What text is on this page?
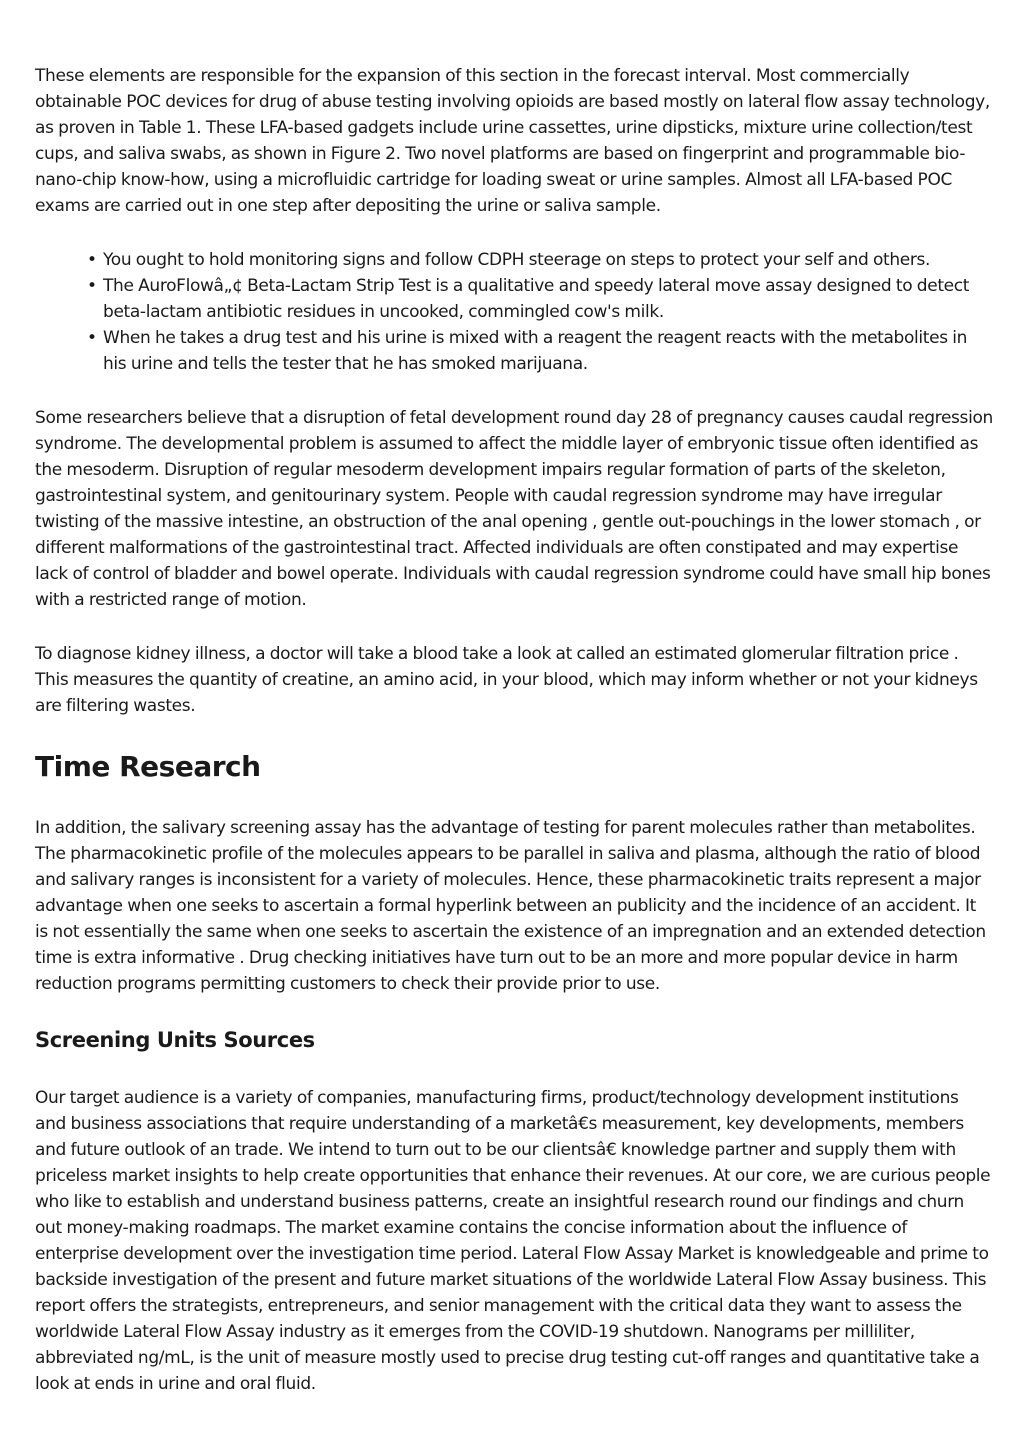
These elements are responsible for the expansion of this section in the forecast interval. Most commercially obtainable POC devices for drug of abuse testing involving opioids are based mostly on lateral flow assay technology, as proven in Table 1. These LFA-based gadgets include urine cassettes, urine dipsticks, mixture urine collection/test cups, and saliva swabs, as shown in Figure 2. Two novel platforms are based on fingerprint and programmable bio-nano-chip know-how, using a microfluidic cartridge for loading sweat or urine samples. Almost all LFA-based POC exams are carried out in one step after depositing the urine or saliva sample.

• You ought to hold monitoring signs and follow CDPH steerage on steps to protect your self and others.
• The AuroFlowâ„¢ Beta-Lactam Strip Test is a qualitative and speedy lateral move assay designed to detect beta-lactam antibiotic residues in uncooked, commingled cow's milk.
• When he takes a drug test and his urine is mixed with a reagent the reagent reacts with the metabolites in his urine and tells the tester that he has smoked marijuana.

Some researchers believe that a disruption of fetal development round day 28 of pregnancy causes caudal regression syndrome. The developmental problem is assumed to affect the middle layer of embryonic tissue often identified as the mesoderm. Disruption of regular mesoderm development impairs regular formation of parts of the skeleton, gastrointestinal system, and genitourinary system. People with caudal regression syndrome may have irregular twisting of the massive intestine, an obstruction of the anal opening , gentle out-pouchings in the lower stomach , or different malformations of the gastrointestinal tract. Affected individuals are often constipated and may expertise lack of control of bladder and bowel operate. Individuals with caudal regression syndrome could have small hip bones with a restricted range of motion.

To diagnose kidney illness, a doctor will take a blood take a look at called an estimated glomerular filtration price . This measures the quantity of creatine, an amino acid, in your blood, which may inform whether or not your kidneys are filtering wastes.

Time Research

In addition, the salivary screening assay has the advantage of testing for parent molecules rather than metabolites. The pharmacokinetic profile of the molecules appears to be parallel in saliva and plasma, although the ratio of blood and salivary ranges is inconsistent for a variety of molecules. Hence, these pharmacokinetic traits represent a major advantage when one seeks to ascertain a formal hyperlink between an publicity and the incidence of an accident. It is not essentially the same when one seeks to ascertain the existence of an impregnation and an extended detection time is extra informative . Drug checking initiatives have turn out to be an more and more popular device in harm reduction programs permitting customers to check their provide prior to use.

Screening Units Sources

Our target audience is a variety of companies, manufacturing firms, product/technology development institutions and business associations that require understanding of a marketâ€s measurement, key developments, members and future outlook of an trade. We intend to turn out to be our clientsâ€ knowledge partner and supply them with priceless market insights to help create opportunities that enhance their revenues. At our core, we are curious people who like to establish and understand business patterns, create an insightful research round our findings and churn out money-making roadmaps. The market examine contains the concise information about the influence of enterprise development over the investigation time period. Lateral Flow Assay Market is knowledgeable and prime to backside investigation of the present and future market situations of the worldwide Lateral Flow Assay business. This report offers the strategists, entrepreneurs, and senior management with the critical data they want to assess the worldwide Lateral Flow Assay industry as it emerges from the COVID-19 shutdown. Nanograms per milliliter, abbreviated ng/mL, is the unit of measure mostly used to precise drug testing cut-off ranges and quantitative take a look at ends in urine and oral fluid.
